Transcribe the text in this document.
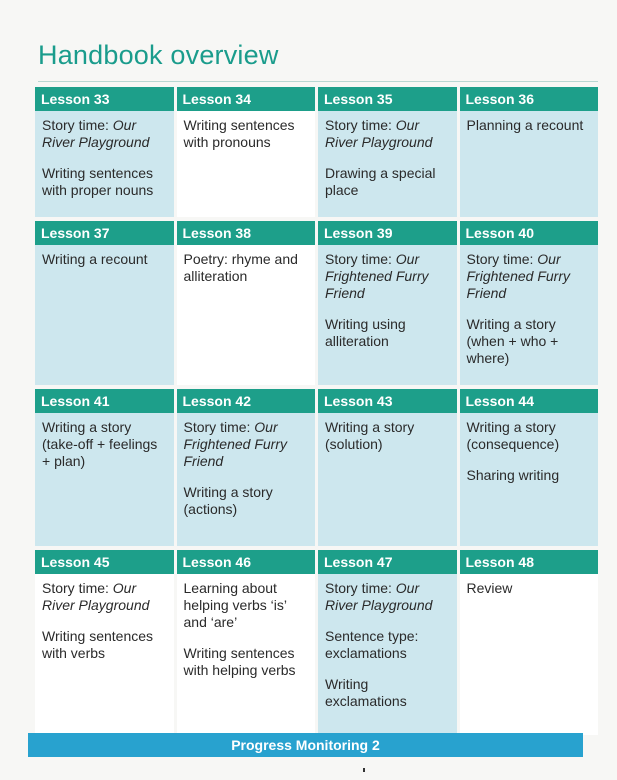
Handbook overview
Lesson 33
Story time: Our River Playground
Writing sentences with proper nouns
Lesson 34
Writing sentences with pronouns
Lesson 35
Story time: Our River Playground
Drawing a special place
Lesson 36
Planning a recount
Lesson 37
Writing a recount
Lesson 38
Poetry: rhyme and alliteration
Lesson 39
Story time: Our Frightened Furry Friend
Writing using alliteration
Lesson 40
Story time: Our Frightened Furry Friend
Writing a story (when + who + where)
Lesson 41
Writing a story (take-off + feelings + plan)
Lesson 42
Story time: Our Frightened Furry Friend
Writing a story (actions)
Lesson 43
Writing a story (solution)
Lesson 44
Writing a story (consequence)
Sharing writing
Lesson 45
Story time: Our River Playground
Writing sentences with verbs
Lesson 46
Learning about helping verbs ‘is’ and ‘are’
Writing sentences with helping verbs
Lesson 47
Story time: Our River Playground
Sentence type: exclamations
Writing exclamations
Lesson 48
Review
Progress Monitoring 2
